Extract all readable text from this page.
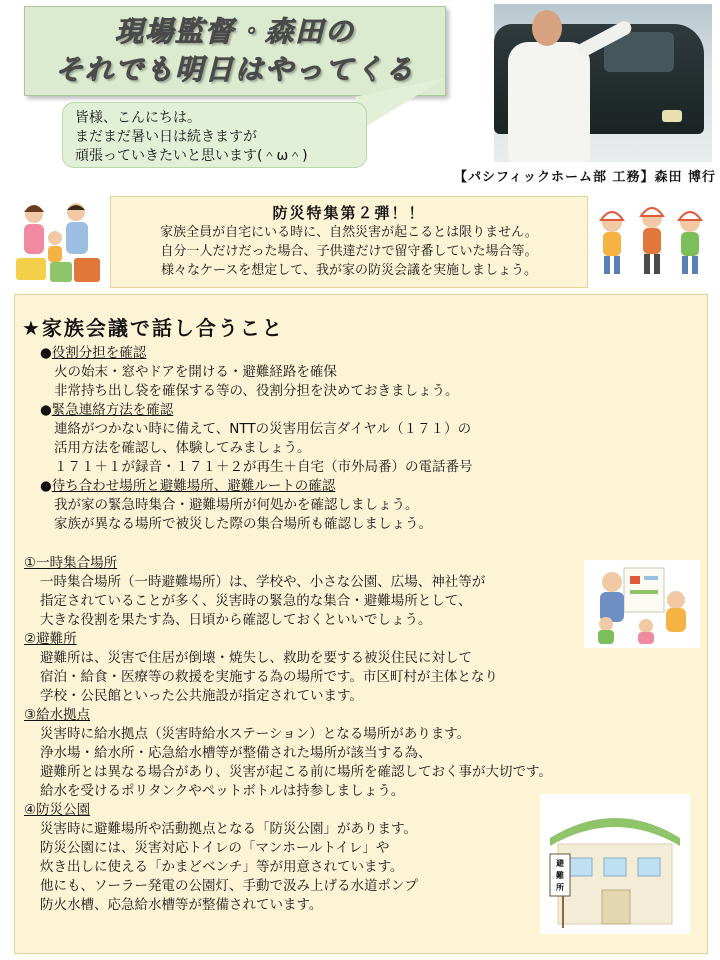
現場監督・森田の
それでも明日はやってくる
皆様、こんにちは。
まだまだ暑い日は続きますが
頑張っていきたいと思います(＾ω＾)
【パシフィックホーム部 工務】森田 博行
防災特集第２弾！！
家族全員が自宅にいる時に、自然災害が起こるとは限りません。
自分一人だけだった場合、子供達だけで留守番していた場合等。
様々なケースを想定して、我が家の防災会議を実施しましょう。
★家族会議で話し合うこと
●役割分担を確認
火の始末・窓やドアを開ける・避難経路を確保
非常持ち出し袋を確保する等の、役割分担を決めておきましょう。
●緊急連絡方法を確認
連絡がつかない時に備えて、NTTの災害用伝言ダイヤル（１７１）の
活用方法を確認し、体験してみましょう。
１７１＋１が録音・１７１＋２が再生＋自宅（市外局番）の電話番号
●待ち合わせ場所と避難場所、避難ルートの確認
我が家の緊急時集合・避難場所が何処かを確認しましょう。
家族が異なる場所で被災した際の集合場所も確認しましょう。
①一時集合場所
一時集合場所（一時避難場所）は、学校や、小さな公園、広場、神社等が
指定されていることが多く、災害時の緊急的な集合・避難場所として、
大きな役割を果たす為、日頃から確認しておくといいでしょう。
②避難所
避難所は、災害で住居が倒壊・焼失し、救助を要する被災住民に対して
宿泊・給食・医療等の救援を実施する為の場所です。市区町村が主体となり
学校・公民館といった公共施設が指定されています。
③給水拠点
災害時に給水拠点（災害時給水ステーション）となる場所があります。
浄水場・給水所・応急給水槽等が整備された場所が該当する為、
避難所とは異なる場合があり、災害が起こる前に場所を確認しておく事が大切です。
給水を受けるポリタンクやペットボトルは持参しましょう。
④防災公園
災害時に避難場所や活動拠点となる「防災公園」があります。
防災公園には、災害対応トイレの「マンホールトイレ」や
炊き出しに使える「かまどベンチ」等が用意されています。
他にも、ソーラー発電の公園灯、手動で汲み上げる水道ポンプ
防火水槽、応急給水槽等が整備されています。
避
難
所
